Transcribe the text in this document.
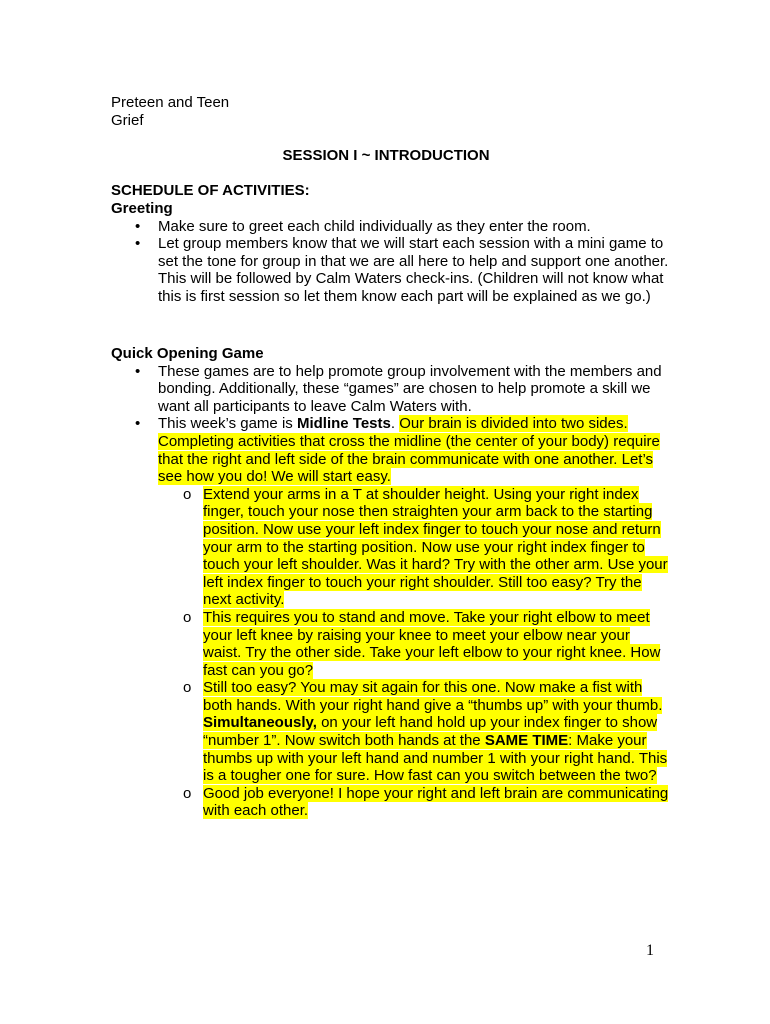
Preteen and Teen
Grief
SESSION I ~ INTRODUCTION
SCHEDULE OF ACTIVITIES:
Greeting
• Make sure to greet each child individually as they enter the room.
• Let group members know that we will start each session with a mini game to set the tone for group in that we are all here to help and support one another. This will be followed by Calm Waters check-ins. (Children will not know what this is first session so let them know each part will be explained as we go.)
Quick Opening Game
• These games are to help promote group involvement with the members and bonding. Additionally, these “games” are chosen to help promote a skill we want all participants to leave Calm Waters with.
• This week’s game is Midline Tests. Our brain is divided into two sides. Completing activities that cross the midline (the center of your body) require that the right and left side of the brain communicate with one another. Let’s see how you do! We will start easy.
o Extend your arms in a T at shoulder height. Using your right index finger, touch your nose then straighten your arm back to the starting position. Now use your left index finger to touch your nose and return your arm to the starting position. Now use your right index finger to touch your left shoulder. Was it hard? Try with the other arm. Use your left index finger to touch your right shoulder. Still too easy? Try the next activity.
o This requires you to stand and move. Take your right elbow to meet your left knee by raising your knee to meet your elbow near your waist. Try the other side. Take your left elbow to your right knee. How fast can you go?
o Still too easy? You may sit again for this one. Now make a fist with both hands. With your right hand give a “thumbs up” with your thumb. Simultaneously, on your left hand hold up your index finger to show “number 1”. Now switch both hands at the SAME TIME: Make your thumbs up with your left hand and number 1 with your right hand. This is a tougher one for sure. How fast can you switch between the two?
o Good job everyone! I hope your right and left brain are communicating with each other.
1
